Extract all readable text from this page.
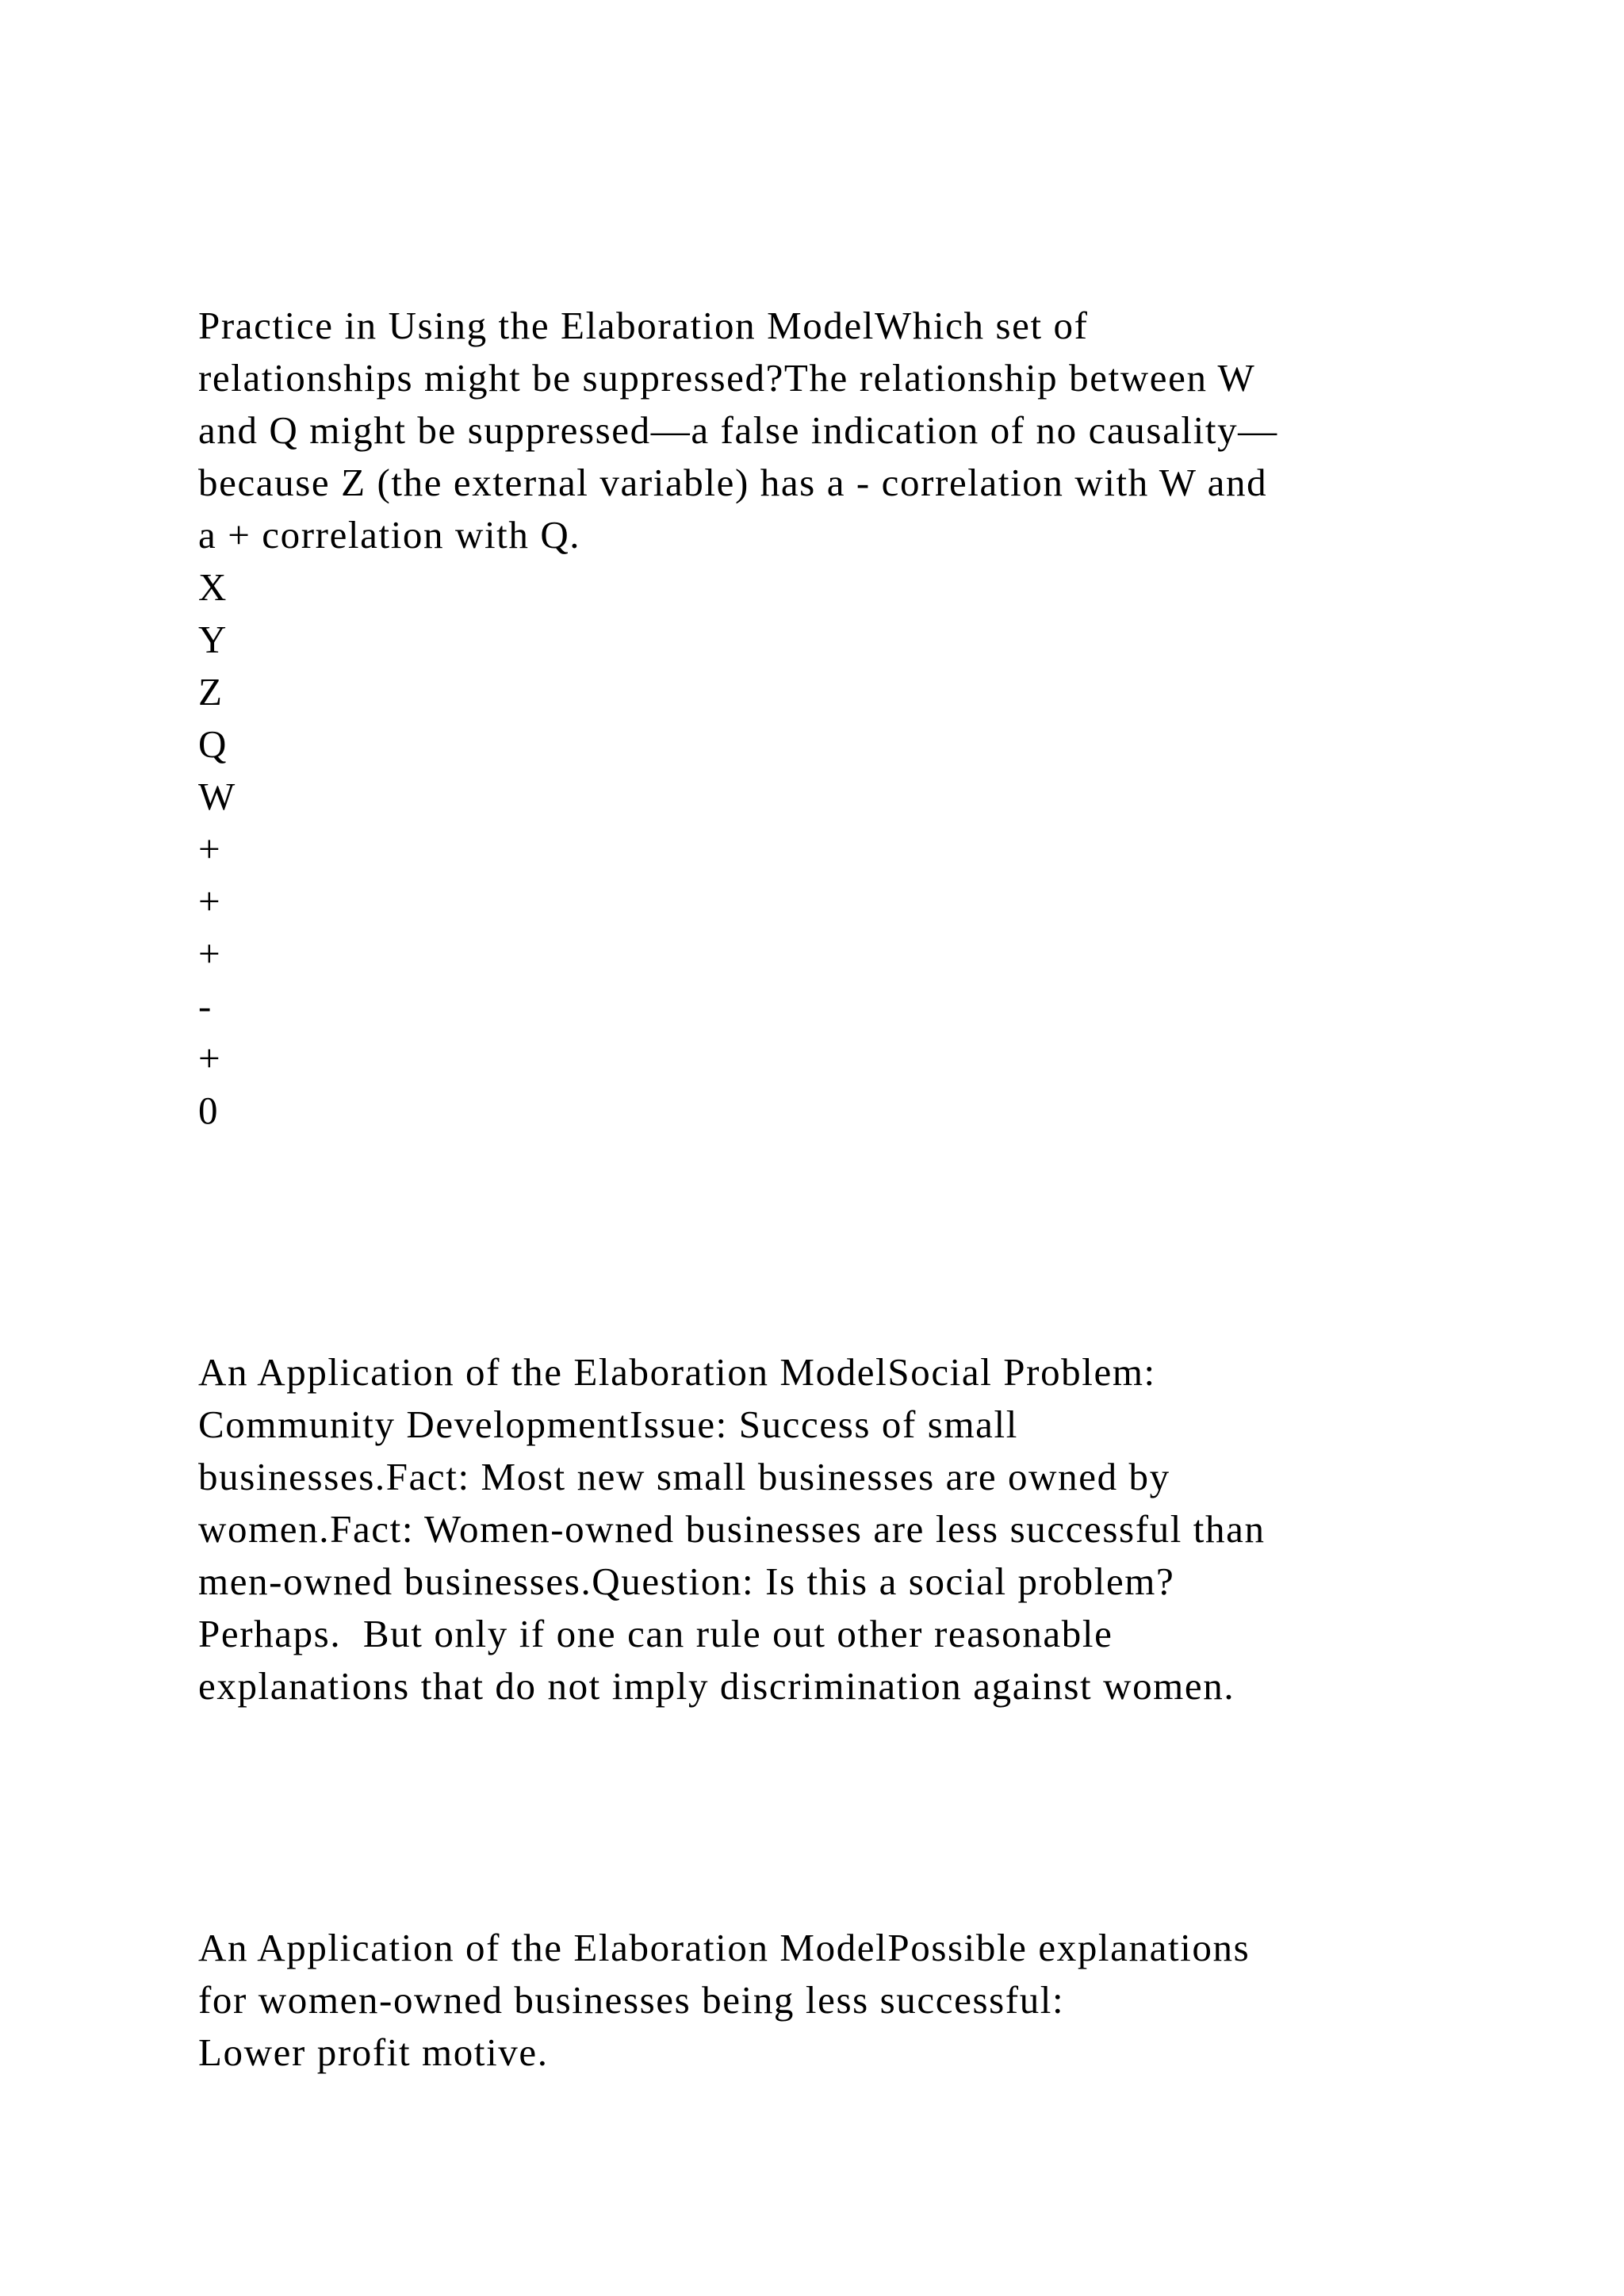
Practice in Using the Elaboration ModelWhich set of
relationships might be suppressed?The relationship between W
and Q might be suppressed—a false indication of no causality—
because Z (the external variable) has a - correlation with W and
a + correlation with Q.
X
Y
Z
Q
W
+
+
+
-
+
0
An Application of the Elaboration ModelSocial Problem:
Community DevelopmentIssue: Success of small
businesses.Fact: Most new small businesses are owned by
women.Fact: Women-owned businesses are less successful than
men-owned businesses.Question: Is this a social problem?
Perhaps.  But only if one can rule out other reasonable
explanations that do not imply discrimination against women.
An Application of the Elaboration ModelPossible explanations
for women-owned businesses being less successful:
Lower profit motive.
